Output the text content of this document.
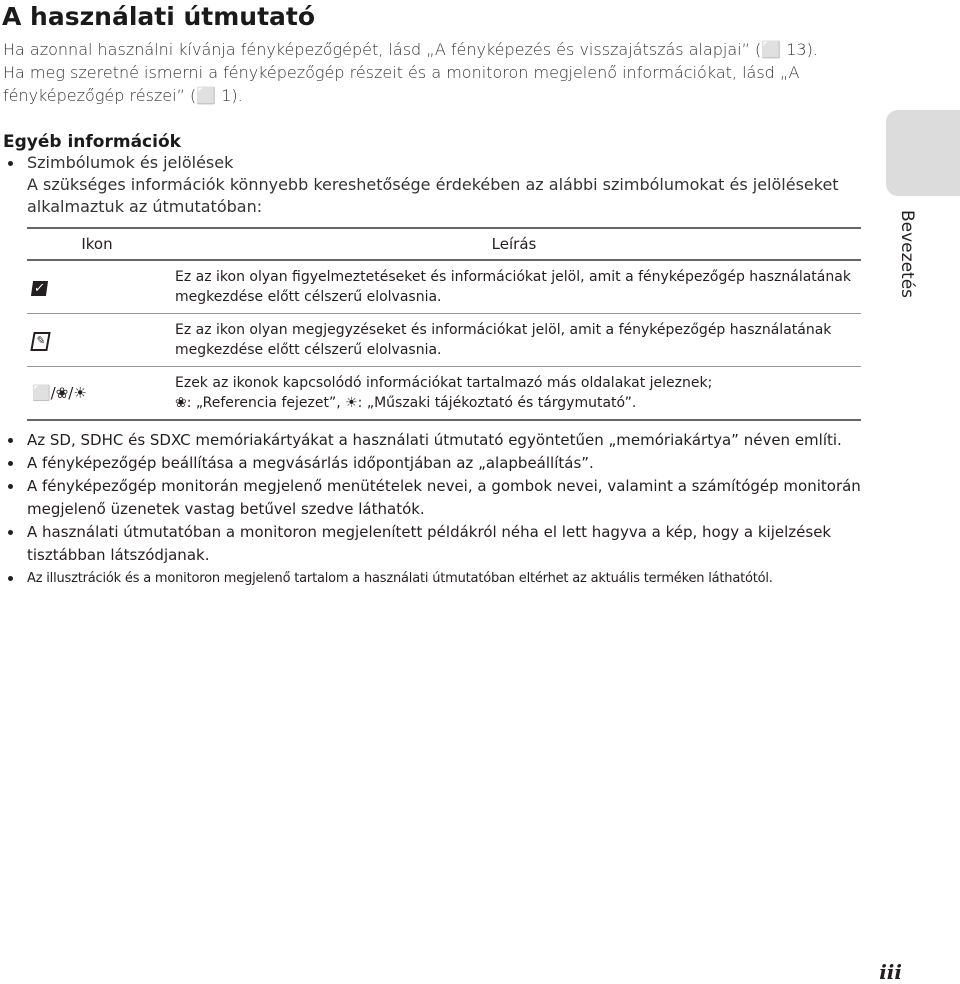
A használati útmutató

Ha azonnal használni kívánja fényképezőgépét, lásd „A fényképezés és visszajátszás alapjai” (⬜ 13).

Ha meg szeretné ismerni a fényképezőgép részeit és a monitoron megjelenő információkat, lásd „A fényképezőgép részei” (⬜ 1).

Egyéb információk
Szimbólumok és jelölések
A szükséges információk könnyebb kereshetősége érdekében az alábbi szimbólumokat és jelöléseket alkalmaztuk az útmutatóban:
Ikon	Leírás
✓	Ez az ikon olyan figyelmeztetéseket és információkat jelöl, amit a fényképezőgép használatának megkezdése előtt célszerű elolvasnia.
✎	Ez az ikon olyan megjegyzéseket és információkat jelöl, amit a fényképezőgép használatának megkezdése előtt célszerű elolvasnia.
⬜/❀/☀	Ezek az ikonok kapcsolódó információkat tartalmazó más oldalakat jeleznek;
❀: „Referencia fejezet”, ☀: „Műszaki tájékoztató és tárgymutató”.
Az SD, SDHC és SDXC memóriakártyákat a használati útmutató egyöntetűen „memóriakártya” néven említi.
A fényképezőgép beállítása a megvásárlás időpontjában az „alapbeállítás”.
A fényképezőgép monitorán megjelenő menütételek nevei, a gombok nevei, valamint a számítógép monitorán megjelenő üzenetek vastag betűvel szedve láthatók.
A használati útmutatóban a monitoron megjelenített példákról néha el lett hagyva a kép, hogy a kijelzések tisztábban látszódjanak.
Az illusztrációk és a monitoron megjelenő tartalom a használati útmutatóban eltérhet az aktuális terméken láthatótól.
Bevezetés
iii
